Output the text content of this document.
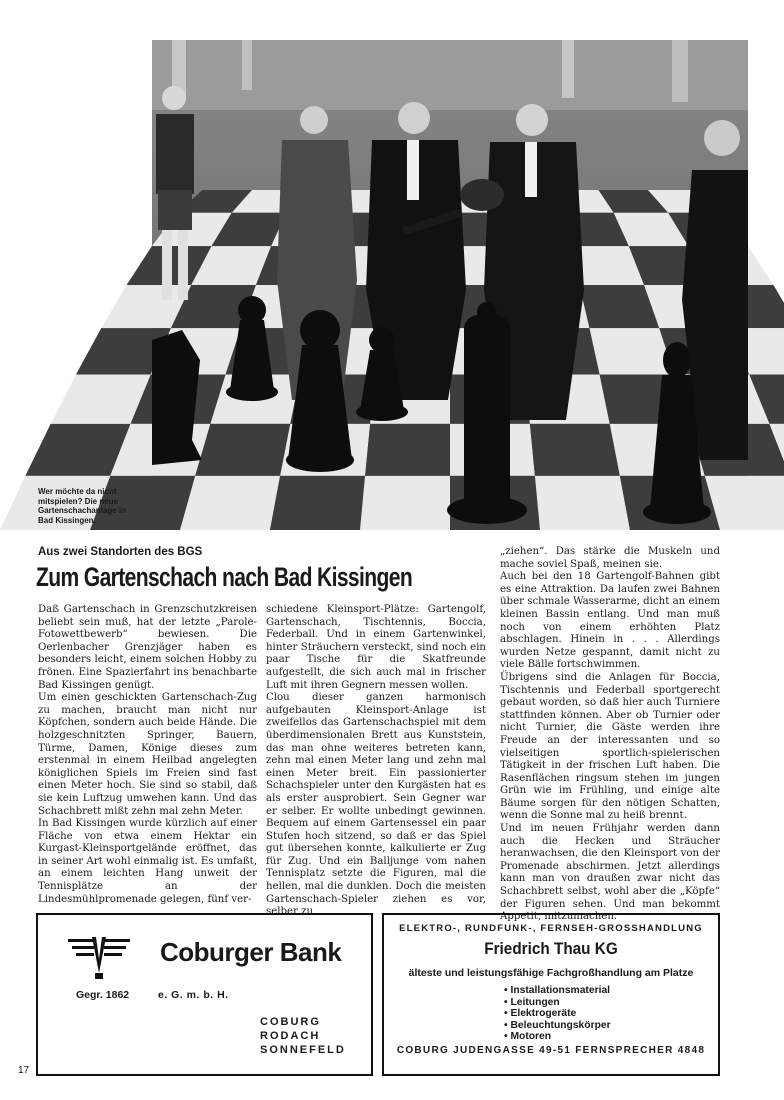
Wer möchte da nicht
mitspielen? Die neue
Gartenschachanlage in
Bad Kissingen.
Aus zwei Standorten des BGS
Zum Gartenschach nach Bad Kissingen

Daß Gartenschach in Grenzschutzkreisen beliebt sein muß, hat der letzte „Parole-Fotowettbewerb“ bewiesen. Die Oerlenbacher Grenzjäger haben es besonders leicht, einem solchen Hobby zu frönen. Eine Spazierfahrt ins benachbarte Bad Kissingen genügt.

Um einen geschickten Gartenschach-Zug zu machen, braucht man nicht nur Köpfchen, sondern auch beide Hände. Die holzgeschnitzten Springer, Bauern, Türme, Damen, Könige dieses zum erstenmal in einem Heilbad angelegten königlichen Spiels im Freien sind fast einen Meter hoch. Sie sind so stabil, daß sie kein Luftzug umwehen kann. Und das Schachbrett mißt zehn mal zehn Meter.

In Bad Kissingen wurde kürzlich auf einer Fläche von etwa einem Hektar ein Kurgast-Kleinsportgelände eröffnet, das in seiner Art wohl einmalig ist. Es umfaßt, an einem leichten Hang unweit der Tennisplätze an der Lindesmühlpromenade gelegen, fünf ver-

schiedene Kleinsport-Plätze: Gartengolf, Gartenschach, Tischtennis, Boccia, Federball. Und in einem Gartenwinkel, hinter Sträuchern versteckt, sind noch ein paar Tische für die Skatfreunde aufgestellt, die sich auch mal in frischer Luft mit ihren Gegnern messen wollen.

Clou dieser ganzen harmonisch aufgebauten Kleinsport-Anlage ist zweifellos das Gartenschachspiel mit dem überdimensionalen Brett aus Kunststein, das man ohne weiteres betreten kann, zehn mal einen Meter lang und zehn mal einen Meter breit. Ein passionierter Schachspieler unter den Kurgästen hat es als erster ausprobiert. Sein Gegner war er selber. Er wollte unbedingt gewinnen. Bequem auf einem Gartensessel ein paar Stufen hoch sitzend, so daß er das Spiel gut übersehen konnte, kalkulierte er Zug für Zug. Und ein Balljunge vom nahen Tennisplatz setzte die Figuren, mal die hellen, mal die dunklen. Doch die meisten Gartenschach-Spieler ziehen es vor, selber zu

„ziehen“. Das stärke die Muskeln und mache soviel Spaß, meinen sie.

Auch bei den 18 Gartengolf-Bahnen gibt es eine Attraktion. Da laufen zwei Bahnen über schmale Wasserarme, dicht an einem kleinen Bassin entlang. Und man muß noch von einem erhöhten Platz abschlagen. Hinein in . . . Allerdings wurden Netze gespannt, damit nicht zu viele Bälle fortschwimmen.

Übrigens sind die Anlagen für Boccia, Tischtennis und Federball sportgerecht gebaut worden, so daß hier auch Turniere stattfinden können. Aber ob Turnier oder nicht Turnier, die Gäste werden ihre Freude an der interessanten und so vielseitigen sportlich-spielerischen Tätigkeit in der frischen Luft haben. Die Rasenflächen ringsum stehen im jungen Grün wie im Frühling, und einige alte Bäume sorgen für den nötigen Schatten, wenn die Sonne mal zu heiß brennt.

Und im neuen Frühjahr werden dann auch die Hecken und Sträucher heranwachsen, die den Kleinsport von der Promenade abschirmen. Jetzt allerdings kann man von draußen zwar nicht das Schachbrett selbst, wohl aber die „Köpfe“ der Figuren sehen. Und man bekommt Appetit, mitzumachen.

Coburger Bank
Gegr. 1862	e. G. m. b. H.
COBURG
RODACH
SONNEFELD
ELEKTRO-, RUNDFUNK-, FERNSEH-GROSSHANDLUNG
Friedrich Thau KG
älteste und leistungsfähige Fachgroßhandlung am Platze
• Installationsmaterial
• Leitungen
• Elektrogeräte
• Beleuchtungskörper
• Motoren
COBURG JUDENGASSE 49-51 FERNSPRECHER 4848
17
